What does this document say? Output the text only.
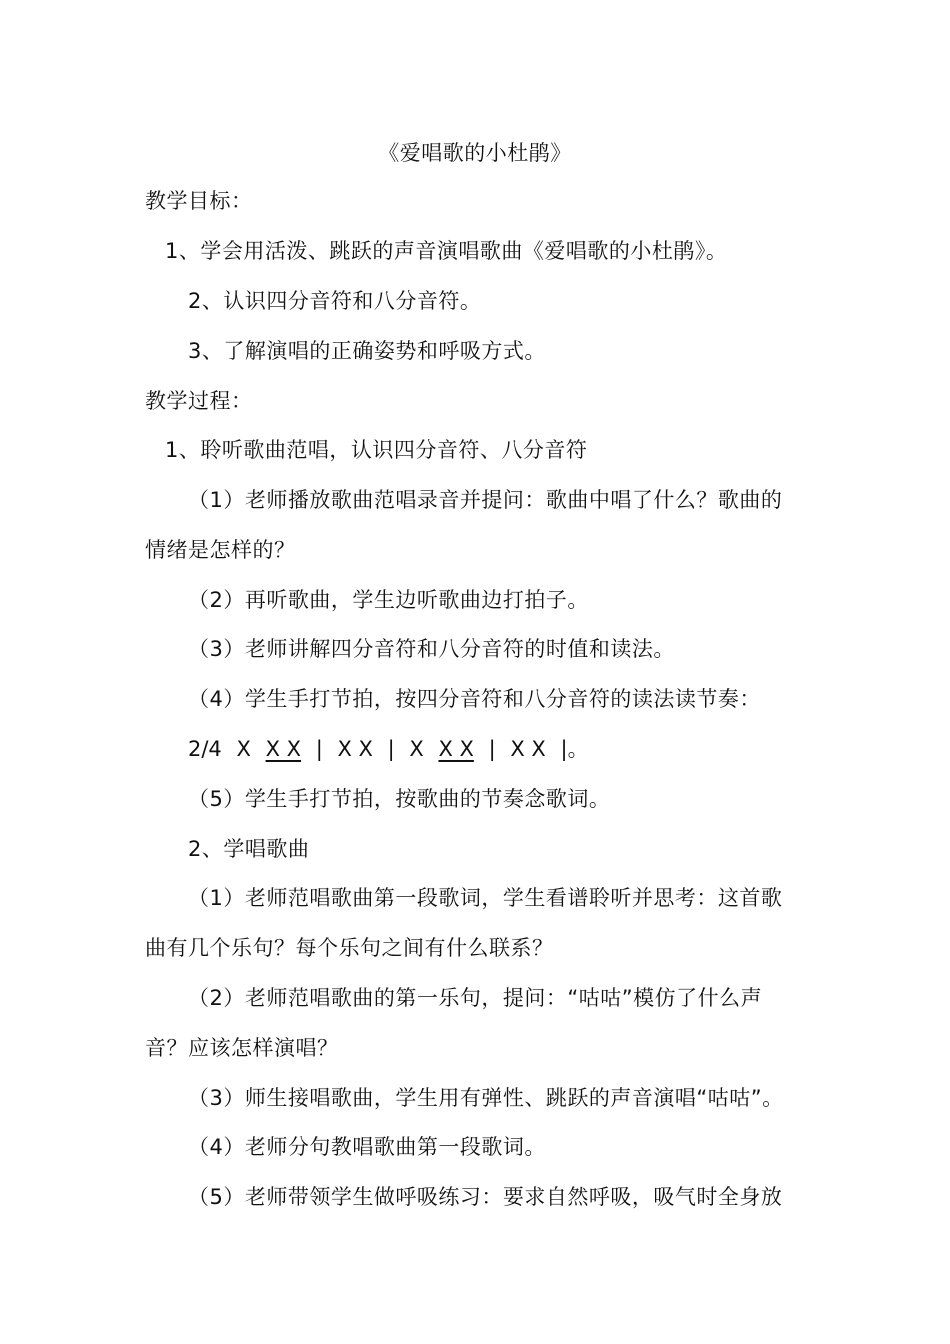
《爱唱歌的小杜鹃》
教学目标：
1、学会用活泼、跳跃的声音演唱歌曲《爱唱歌的小杜鹃》。
2、认识四分音符和八分音符。
3、了解演唱的正确姿势和呼吸方式。
教学过程：
1、聆听歌曲范唱，认识四分音符、八分音符
（1）老师播放歌曲范唱录音并提问：歌曲中唱了什么？歌曲的
情绪是怎样的？
（2）再听歌曲，学生边听歌曲边打拍子。
（3）老师讲解四分音符和八分音符的时值和读法。
（4）学生手打节拍，按四分音符和八分音符的读法读节奏：
2/4 X X X | X X | X X X | X X |。
（5）学生手打节拍，按歌曲的节奏念歌词。
2、学唱歌曲
（1）老师范唱歌曲第一段歌词，学生看谱聆听并思考：这首歌
曲有几个乐句？每个乐句之间有什么联系？
（2）老师范唱歌曲的第一乐句，提问：“咕咕”模仿了什么声
音？应该怎样演唱？
（3）师生接唱歌曲，学生用有弹性、跳跃的声音演唱“咕咕”。
（4）老师分句教唱歌曲第一段歌词。
（5）老师带领学生做呼吸练习：要求自然呼吸，吸气时全身放
